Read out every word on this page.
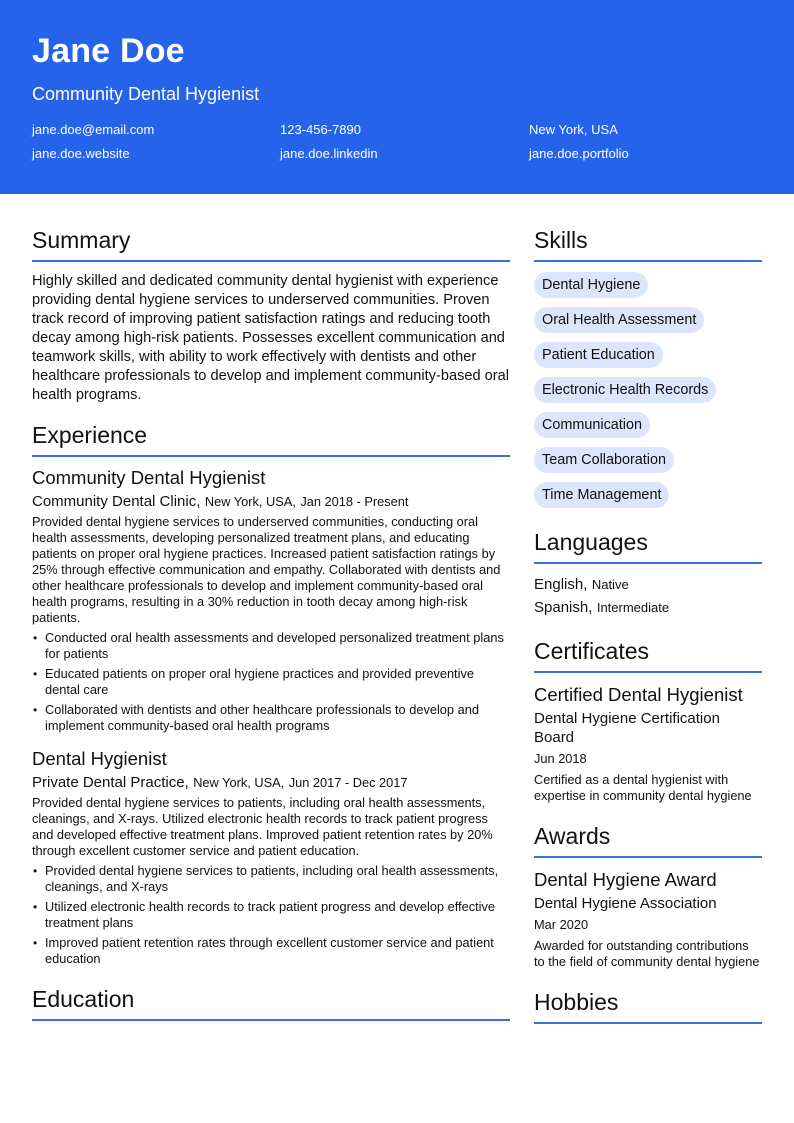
Jane Doe
Community Dental Hygienist
jane.doe@email.com	123-456-7890	New York, USA
jane.doe.website	jane.doe.linkedin	jane.doe.portfolio
Summary

Highly skilled and dedicated community dental hygienist with experience providing dental hygiene services to underserved communities. Proven track record of improving patient satisfaction ratings and reducing tooth decay among high-risk patients. Possesses excellent communication and teamwork skills, with ability to work effectively with dentists and other healthcare professionals to develop and implement community-based oral health programs.

Experience
Community Dental Hygienist
Community Dental Clinic, New York, USA, Jan 2018 - Present

Provided dental hygiene services to underserved communities, conducting oral health assessments, developing personalized treatment plans, and educating patients on proper oral hygiene practices. Increased patient satisfaction ratings by 25% through effective communication and empathy. Collaborated with dentists and other healthcare professionals to develop and implement community-based oral health programs, resulting in a 30% reduction in tooth decay among high-risk patients.

• Conducted oral health assessments and developed personalized treatment plans for patients
• Educated patients on proper oral hygiene practices and provided preventive dental care
• Collaborated with dentists and other healthcare professionals to develop and implement community-based oral health programs
Dental Hygienist
Private Dental Practice, New York, USA, Jun 2017 - Dec 2017

Provided dental hygiene services to patients, including oral health assessments, cleanings, and X-rays. Utilized electronic health records to track patient progress and developed effective treatment plans. Improved patient retention rates by 20% through excellent customer service and patient education.

• Provided dental hygiene services to patients, including oral health assessments, cleanings, and X-rays
• Utilized electronic health records to track patient progress and develop effective treatment plans
• Improved patient retention rates through excellent customer service and patient education
Education
Skills
Dental Hygiene
Oral Health Assessment
Patient Education
Electronic Health Records
Communication
Team Collaboration
Time Management
Languages
English, Native
Spanish, Intermediate
Certificates
Certified Dental Hygienist
Dental Hygiene Certification Board
Jun 2018
Certified as a dental hygienist with expertise in community dental hygiene
Awards
Dental Hygiene Award
Dental Hygiene Association
Mar 2020
Awarded for outstanding contributions to the field of community dental hygiene
Hobbies
